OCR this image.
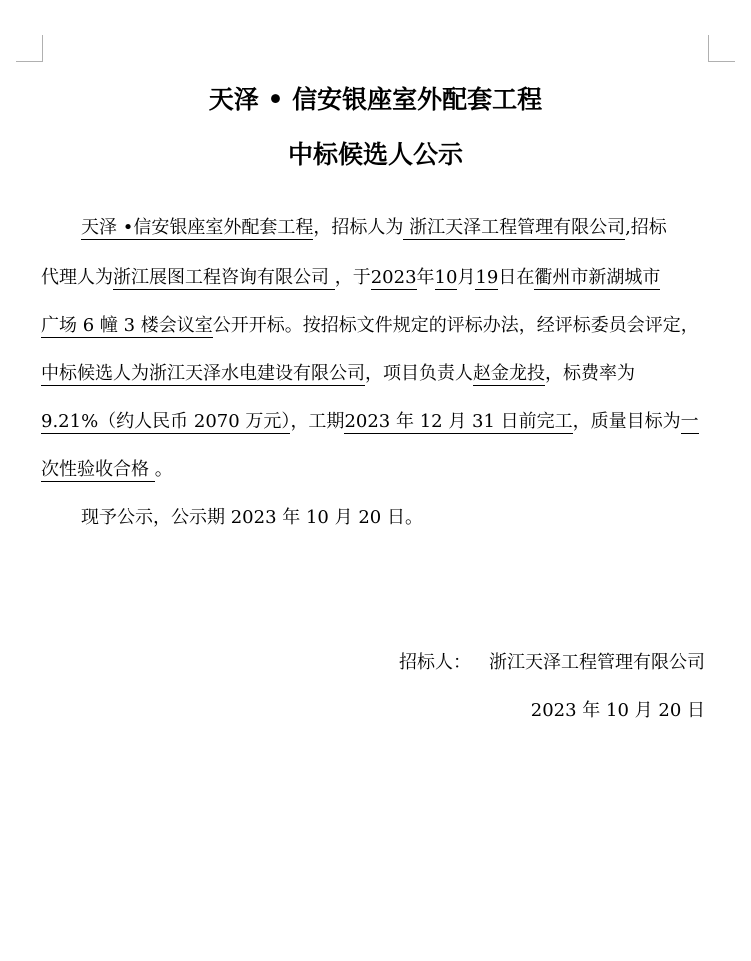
天泽 • 信安银座室外配套工程
中标候选人公示
天泽 •信安银座室外配套工程，招标人为 浙江天泽工程管理有限公司,招标
代理人为浙江展图工程咨询有限公司 ，于2023年10月19日在衢州市新湖城市
广场 6 幢 3 楼会议室公开开标。按招标文件规定的评标办法，经评标委员会评定，
中标候选人为浙江天泽水电建设有限公司，项目负责人赵金龙投，标费率为
9.21%（约人民币 2070 万元），工期2023 年 12 月 31 日前完工，质量目标为一
次性验收合格 。
现予公示，公示期 2023 年 10 月 20 日。
招标人： 浙江天泽工程管理有限公司
2023 年 10 月 20 日
